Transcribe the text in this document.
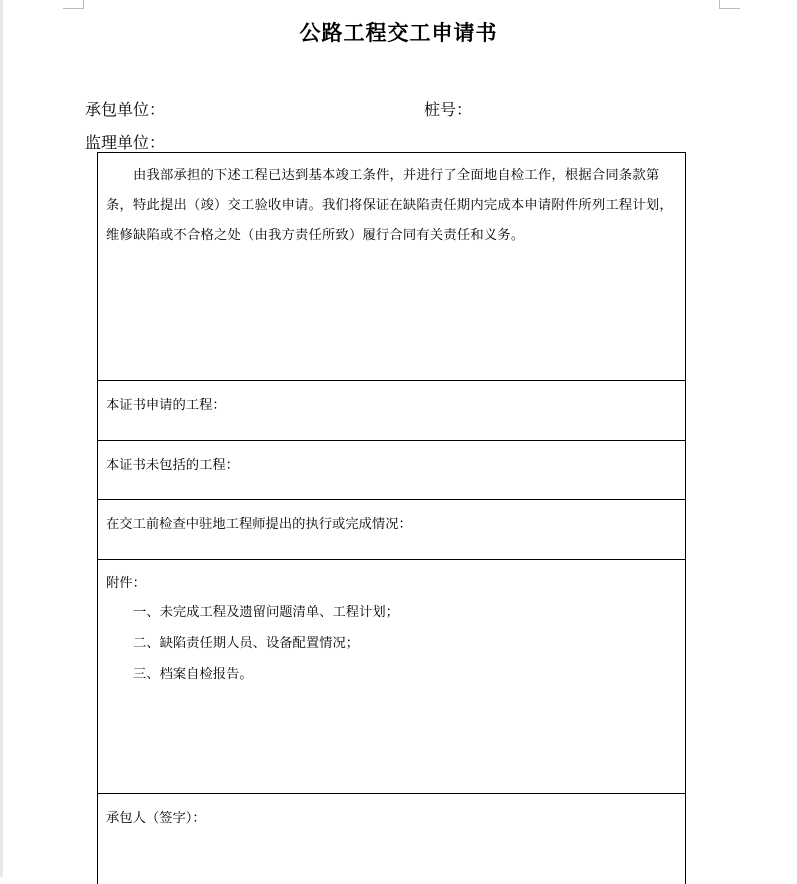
公路工程交工申请书
承包单位：	桩号：
监理单位：

由我部承担的下述工程已达到基本竣工条件，并进行了全面地自检工作，根据合同条款第条，特此提出（竣）交工验收申请。我们将保证在缺陷责任期内完成本申请附件所列工程计划，维修缺陷或不合格之处（由我方责任所致）履行合同有关责任和义务。

本证书申请的工程：
本证书未包括的工程：
在交工前检查中驻地工程师提出的执行或完成情况：
附件：
一、未完成工程及遗留问题清单、工程计划；
二、缺陷责任期人员、设备配置情况；
三、档案自检报告。
承包人（签字）：
